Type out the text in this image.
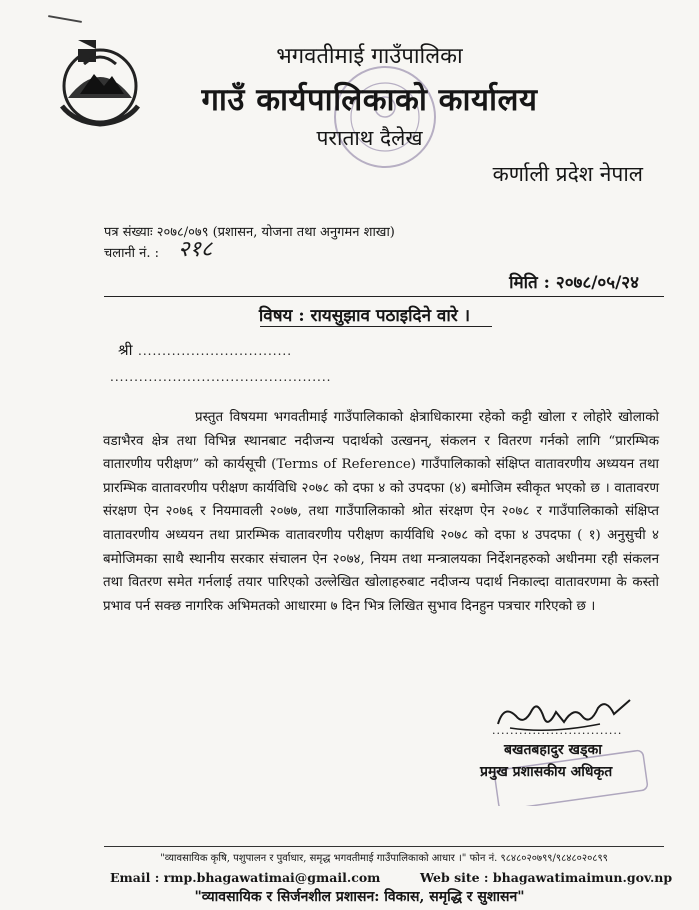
भगवतीमाई गाउँपालिका
गाउँ कार्यपालिकाको कार्यालय
पराताथ दैलेख
कर्णाली प्रदेश नेपाल
पत्र संख्याः २०७८/०७९ (प्रशासन, योजना तथा अनुगमन शाखा)
चलानी नं. : २१८
मिति : २०७८/०५/२४
विषय : रायसुझाव पठाइदिने वारे ।
श्री ................................
..............................................
प्रस्तुत विषयमा भगवतीमाई गाउँपालिकाको क्षेत्राधिकारमा रहेको कट्टी खोला र लोहोरे खोलाको वडाभैरव क्षेत्र तथा विभिन्न स्थानबाट नदीजन्य पदार्थको उत्खनन्, संकलन र वितरण गर्नको लागि “प्रारम्भिक वातारणीय परीक्षण” को कार्यसूची (Terms of Reference) गाउँपालिकाको संक्षिप्त वातावरणीय अध्ययन तथा प्रारम्भिक वातावरणीय परीक्षण कार्यविधि २०७८ को दफा ४ को उपदफा (४) बमोजिम स्वीकृत भएको छ । वातावरण संरक्षण ऐन २०७६ र नियमावली २०७७, तथा गाउँपालिकाको श्रोत संरक्षण ऐन २०७८ र गाउँपालिकाको संक्षिप्त वातावरणीय अध्ययन तथा प्रारम्भिक वातावरणीय परीक्षण कार्यविधि २०७८ को दफा ४ उपदफा ( १) अनुसुची ४ बमोजिमका साथै स्थानीय सरकार संचालन ऐन २०७४, नियम तथा मन्त्रालयका निर्देशनहरुको अधीनमा रही संकलन तथा वितरण समेत गर्नलाई तयार पारिएको उल्लेखित खोलाहरुबाट नदीजन्य पदार्थ निकाल्दा वातावरणमा के कस्तो प्रभाव पर्न सक्छ नागरिक अभिमतको आधारमा ७ दिन भित्र लिखित सुभाव दिनहुन पत्रचार गरिएको छ ।
.............................
बखतबहादुर खड्का
प्रमुख प्रशासकीय अधिकृत
"व्यावसायिक कृषि, पशुपालन र पुर्वाधार, समृद्ध भगवतीमाई गाउँपालिकाको आधार ।" फोन नं. ९८४८०२०७९९/९८४८०२०८९९
Email : rmp.bhagawatimai@gmail.com	Web site : bhagawatimaimun.gov.np
"व्यावसायिक र सिर्जनशील प्रशासन: विकास, समृद्धि र सुशासन"
